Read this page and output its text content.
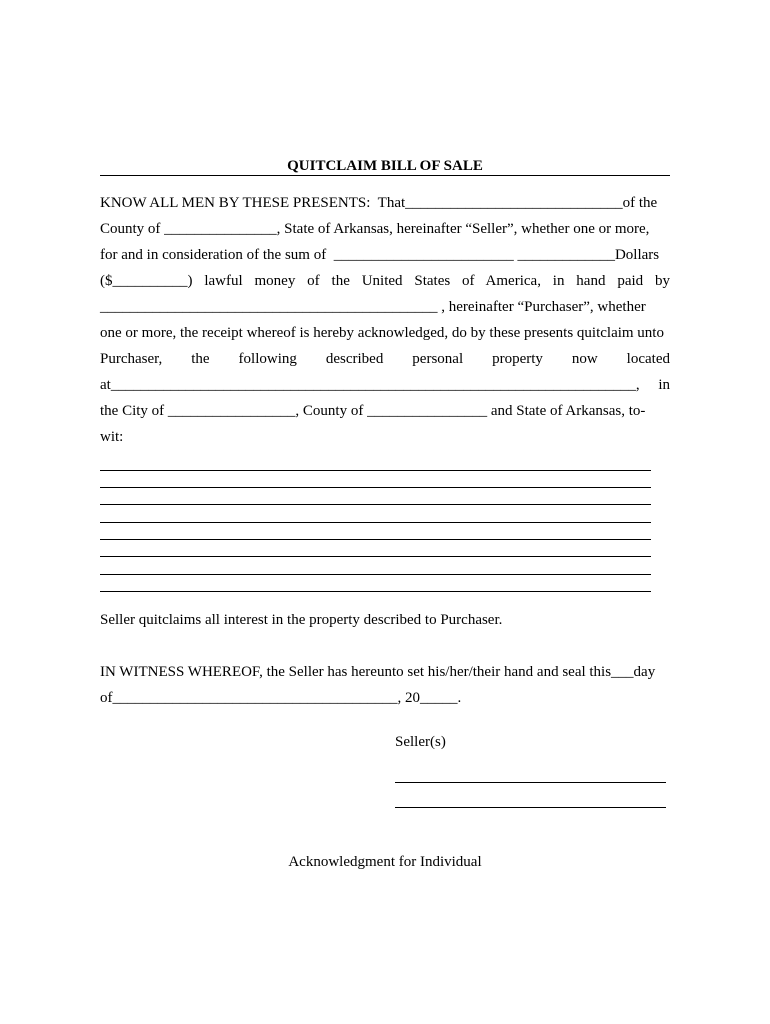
QUITCLAIM BILL OF SALE
KNOW ALL MEN BY THESE PRESENTS:  That_____________________________of the
County of _______________, State of Arkansas, hereinafter “Seller”, whether one or more,
for and in consideration of the sum of  ________________________ _____________Dollars
($__________) lawful money of the United States of America, in hand paid by
_____________________________________________ , hereinafter “Purchaser”, whether
one or more, the receipt whereof is hereby acknowledged, do by these presents quitclaim unto
Purchaser, the following described personal property now located
at______________________________________________________________________, in
the City of _________________, County of ________________ and State of Arkansas, to-
wit:
Seller quitclaims all interest in the property described to Purchaser.
IN WITNESS WHEREOF, the Seller has hereunto set his/her/their hand and seal this___day
of______________________________________, 20_____.
Seller(s)
Acknowledgment for Individual
